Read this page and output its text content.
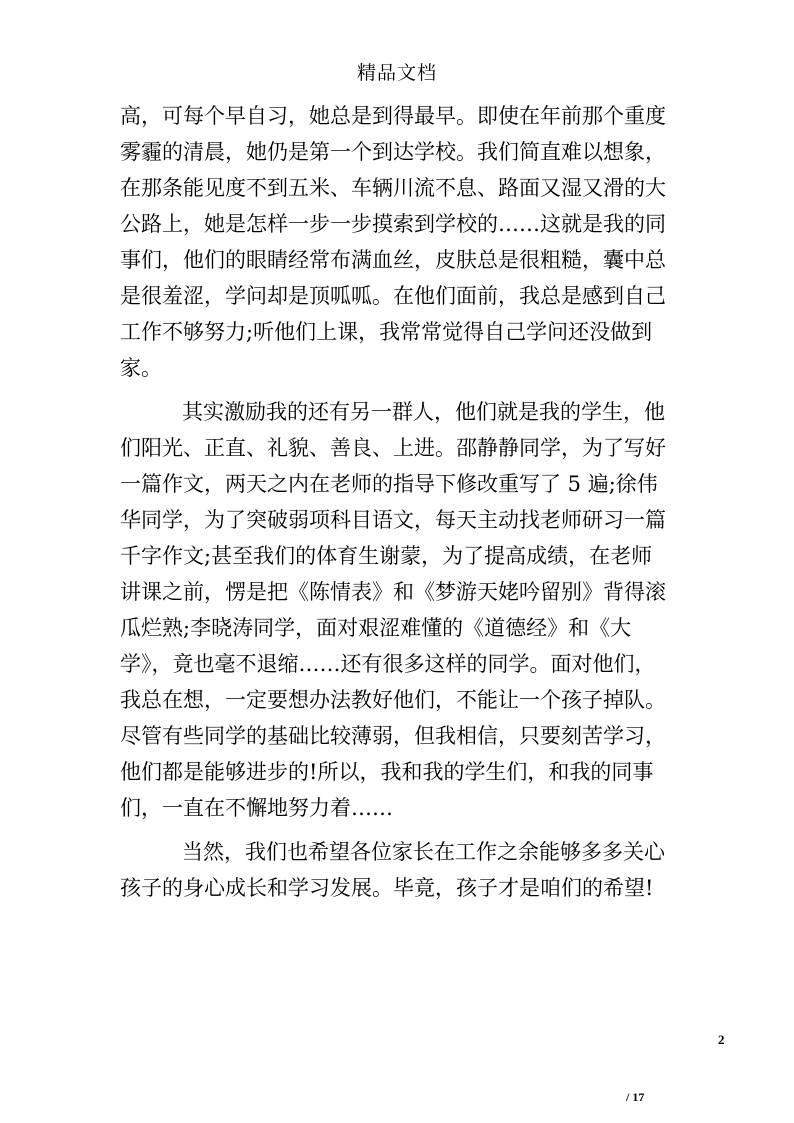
精品文档
高，可每个早自习，她总是到得最早。即使在年前那个重度
雾霾的清晨，她仍是第一个到达学校。我们简直难以想象，
在那条能见度不到五米、车辆川流不息、路面又湿又滑的大
公路上，她是怎样一步一步摸索到学校的……这就是我的同
事们，他们的眼睛经常布满血丝，皮肤总是很粗糙，囊中总
是很羞涩，学问却是顶呱呱。在他们面前，我总是感到自己
工作不够努力;听他们上课，我常常觉得自己学问还没做到
家。
其实激励我的还有另一群人，他们就是我的学生，他
们阳光、正直、礼貌、善良、上进。邵静静同学，为了写好
一篇作文，两天之内在老师的指导下修改重写了 5 遍;徐伟
华同学，为了突破弱项科目语文，每天主动找老师研习一篇
千字作文;甚至我们的体育生谢蒙，为了提高成绩，在老师
讲课之前，愣是把《陈情表》和《梦游天姥吟留别》背得滚
瓜烂熟;李晓涛同学，面对艰涩难懂的《道德经》和《大
学》，竟也毫不退缩……还有很多这样的同学。面对他们，
我总在想，一定要想办法教好他们，不能让一个孩子掉队。
尽管有些同学的基础比较薄弱，但我相信，只要刻苦学习，
他们都是能够进步的!所以，我和我的学生们，和我的同事
们，一直在不懈地努力着……
当然，我们也希望各位家长在工作之余能够多多关心
孩子的身心成长和学习发展。毕竟，孩子才是咱们的希望!
2
/ 17
